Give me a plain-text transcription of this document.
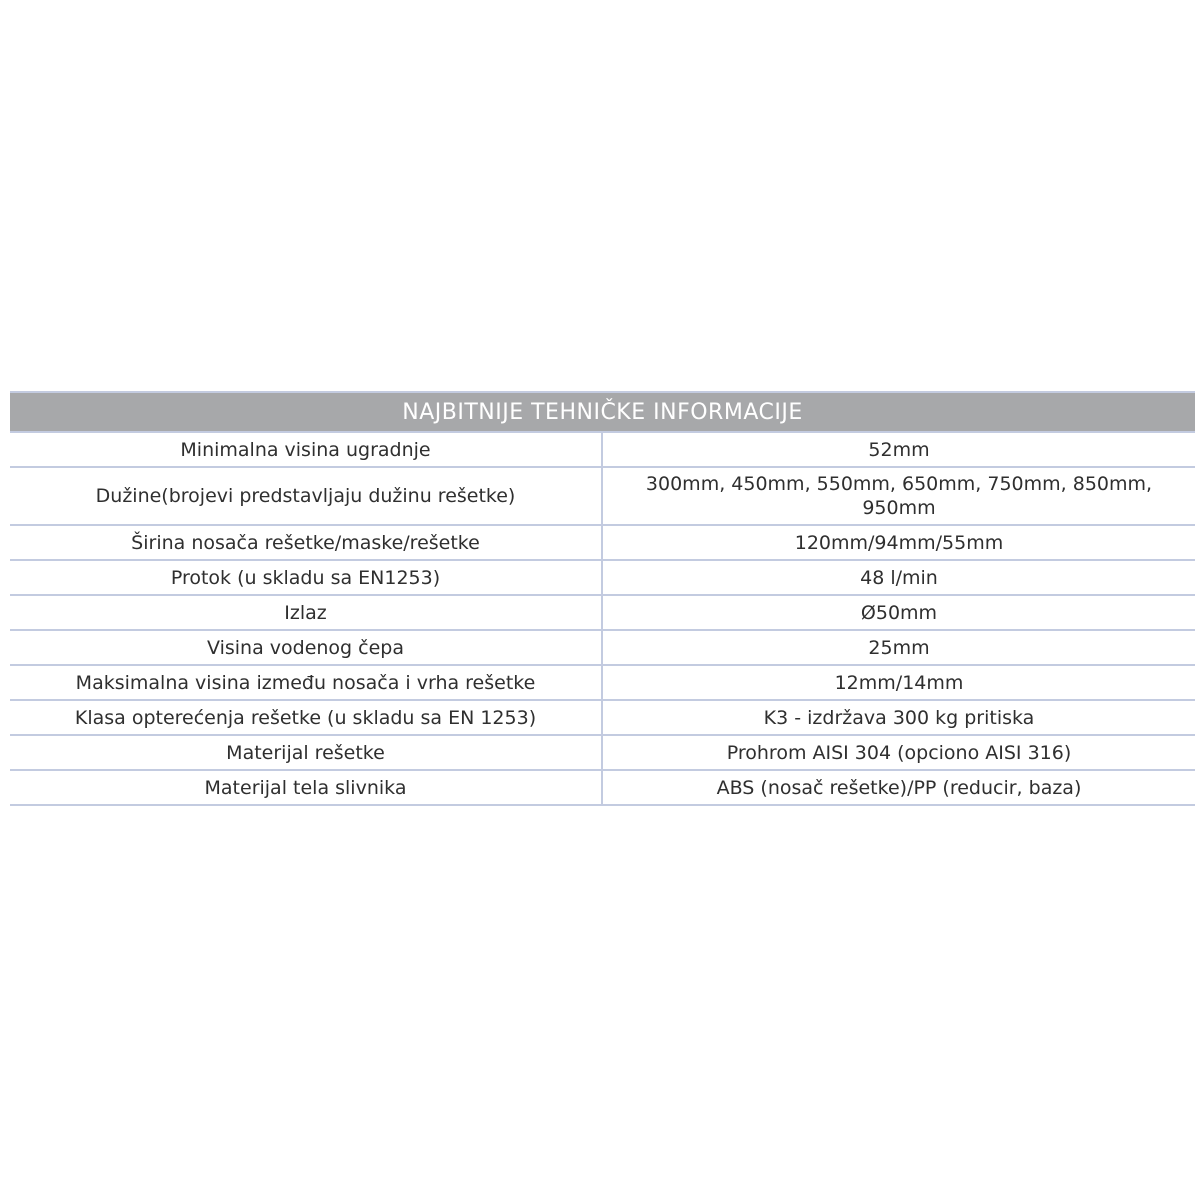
NAJBITNIJE TEHNIČKE INFORMACIJE	
Minimalna visina ugradnje	52mm
Dužine(brojevi predstavljaju dužinu rešetke)	300mm, 450mm, 550mm, 650mm, 750mm, 850mm, 950mm
Širina nosača rešetke/maske/rešetke	120mm/94mm/55mm
Protok (u skladu sa EN1253)	48 l/min
Izlaz	Ø50mm
Visina vodenog čepa	25mm
Maksimalna visina između nosača i vrha rešetke	12mm/14mm
Klasa opterećenja rešetke (u skladu sa EN 1253)	K3 - izdržava 300 kg pritiska
Materijal rešetke	Prohrom AISI 304 (opciono AISI 316)
Materijal tela slivnika	ABS (nosač rešetke)/PP (reducir, baza)
